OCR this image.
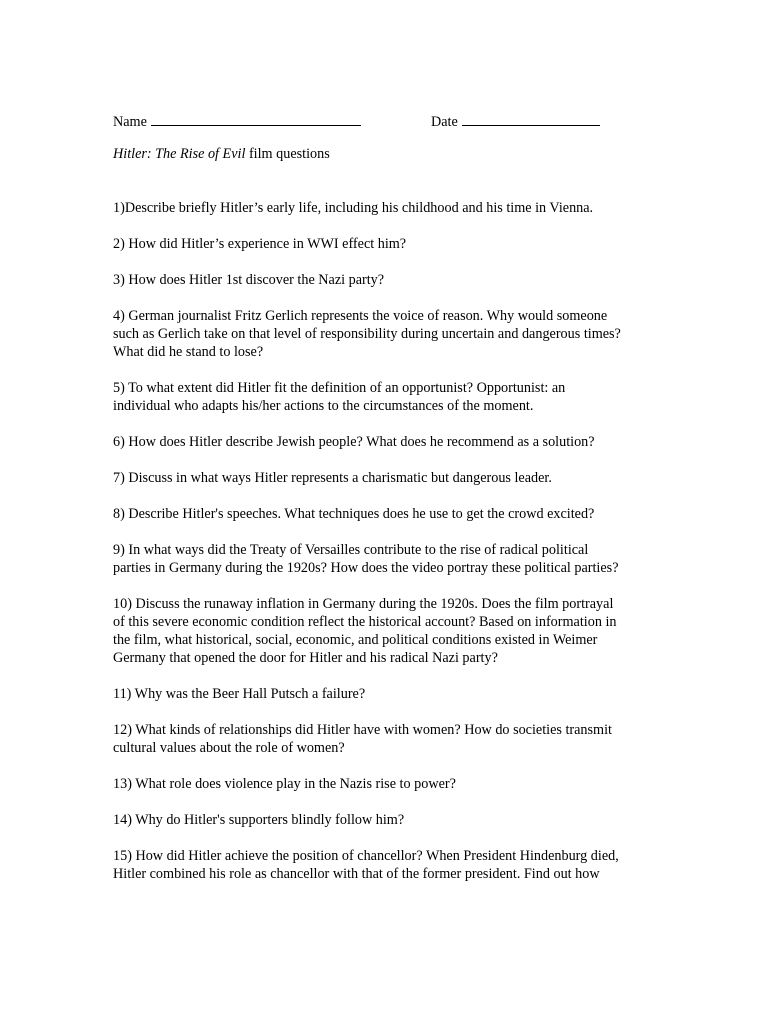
Name	Date
Hitler: The Rise of Evil film questions

1)Describe briefly Hitler’s early life, including his childhood and his time in Vienna.

2) How did Hitler’s experience in WWI effect him?

3) How does Hitler 1st discover the Nazi party?

4) German journalist Fritz Gerlich represents the voice of reason. Why would someone
such as Gerlich take on that level of responsibility during uncertain and dangerous times?
What did he stand to lose?

5) To what extent did Hitler fit the definition of an opportunist? Opportunist: an
individual who adapts his/her actions to the circumstances of the moment.

6) How does Hitler describe Jewish people? What does he recommend as a solution?

7) Discuss in what ways Hitler represents a charismatic but dangerous leader.

8) Describe Hitler's speeches. What techniques does he use to get the crowd excited?

9) In what ways did the Treaty of Versailles contribute to the rise of radical political
parties in Germany during the 1920s? How does the video portray these political parties?

10) Discuss the runaway inflation in Germany during the 1920s. Does the film portrayal
of this severe economic condition reflect the historical account? Based on information in
the film, what historical, social, economic, and political conditions existed in Weimer
Germany that opened the door for Hitler and his radical Nazi party?

11) Why was the Beer Hall Putsch a failure?

12) What kinds of relationships did Hitler have with women? How do societies transmit
cultural values about the role of women?

13) What role does violence play in the Nazis rise to power?

14) Why do Hitler's supporters blindly follow him?

15) How did Hitler achieve the position of chancellor? When President Hindenburg died,
Hitler combined his role as chancellor with that of the former president. Find out how
